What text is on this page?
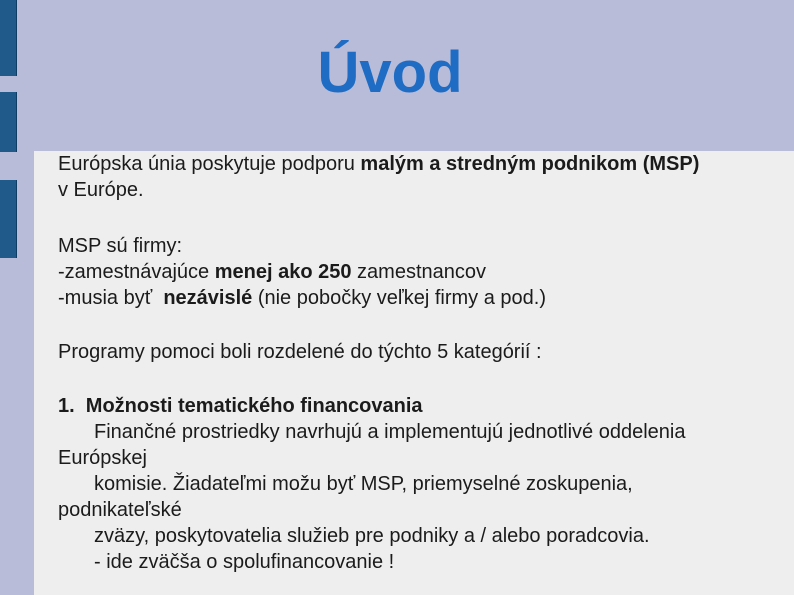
Úvod

Európska únia poskytuje podporu malým a stredným podnikom (MSP)
v Európe.

MSP sú firmy:
-zamestnávajúce menej ako 250 zamestnancov
-musia byť  nezávislé (nie pobočky veľkej firmy a pod.)

Programy pomoci boli rozdelené do týchto 5 kategórií :

1.  Možnosti tematického financovania
Finančné prostriedky navrhujú a implementujú jednotlivé oddelenia
Európskej
komisie. Žiadateľmi možu byť MSP, priemyselné zoskupenia,
podnikateľské
zväzy, poskytovatelia služieb pre podniky a / alebo poradcovia.
- ide zväčša o spolufinancovanie !
